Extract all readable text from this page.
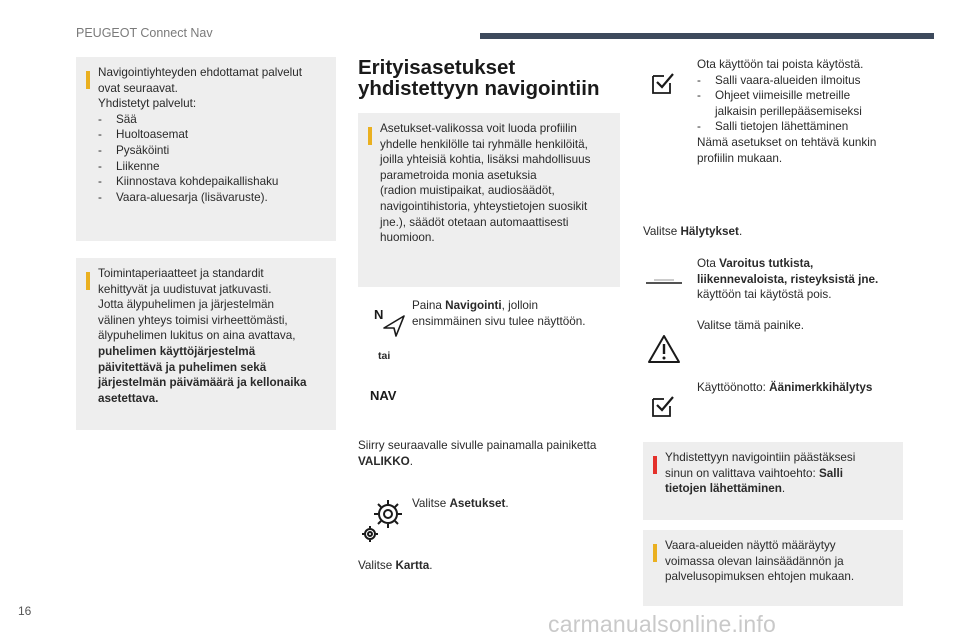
PEUGEOT Connect Nav
Navigointiyhteyden ehdottamat palvelut
ovat seuraavat.
Yhdistetyt palvelut:
- Sää
- Huoltoasemat
- Pysäköinti
- Liikenne
- Kiinnostava kohdepaikallishaku
- Vaara-aluesarja (lisävaruste).
Toimintaperiaatteet ja standardit
kehittyvät ja uudistuvat jatkuvasti.
Jotta älypuhelimen ja järjestelmän
välinen yhteys toimisi virheettömästi,
älypuhelimen lukitus on aina avattava,
puhelimen käyttöjärjestelmä
päivitettävä ja puhelimen sekä
järjestelmän päivämäärä ja kellonaika
asetettava.
Erityisasetukset
yhdistettyyn navigointiin
Asetukset-valikossa voit luoda profiilin
yhdelle henkilölle tai ryhmälle henkilöitä,
joilla yhteisiä kohtia, lisäksi mahdollisuus
parametroida monia asetuksia
(radion muistipaikat, audiosäädöt,
navigointihistoria, yhteystietojen suosikit
jne.), säädöt otetaan automaattisesti
huomioon.
N
tai
NAV
Paina Navigointi, jolloin
ensimmäinen sivu tulee näyttöön.
Siirry seuraavalle sivulle painamalla painiketta
VALIKKO.
Valitse Asetukset.
Valitse Kartta.
Ota käyttöön tai poista käytöstä.
- Salli vaara-alueiden ilmoitus
- Ohjeet viimeisille metreille
jalkaisin perillepääsemiseksi
- Salli tietojen lähettäminen
Nämä asetukset on tehtävä kunkin
profiilin mukaan.
Valitse Hälytykset.
Ota Varoitus tutkista,
liikennevaloista, risteyksistä jne.
käyttöön tai käytöstä pois.
Valitse tämä painike.
Käyttöönotto: Äänimerkkihälytys
Yhdistettyyn navigointiin päästäksesi
sinun on valittava vaihtoehto: Salli
tietojen lähettäminen.
Vaara-alueiden näyttö määräytyy
voimassa olevan lainsäädännön ja
palvelusopimuksen ehtojen mukaan.
16	carmanualsonline.info
